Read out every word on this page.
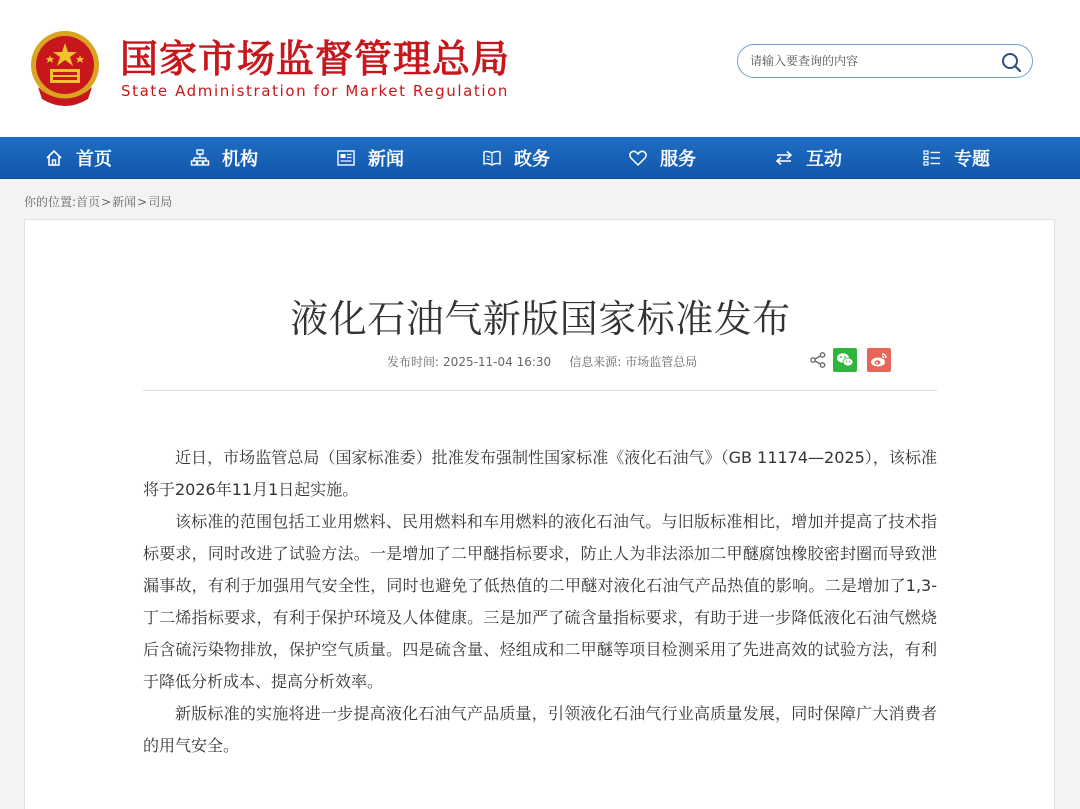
国家市场监督管理总局
State Administration for Market Regulation
请输入要查询的内容
首页	机构	新闻	政务	服务	互动	专题
你的位置:首页>新闻>司局
液化石油气新版国家标准发布
发布时间: 2025-11-04 16:30 信息来源: 市场监管总局

近日，市场监管总局（国家标准委）批准发布强制性国家标准《液化石油气》（GB 11174—2025），该标准将于2026年11月1日起实施。

该标准的范围包括工业用燃料、民用燃料和车用燃料的液化石油气。与旧版标准相比，增加并提高了技术指标要求，同时改进了试验方法。一是增加了二甲醚指标要求，防止人为非法添加二甲醚腐蚀橡胶密封圈而导致泄漏事故，有利于加强用气安全性，同时也避免了低热值的二甲醚对液化石油气产品热值的影响。二是增加了1,3-丁二烯指标要求，有利于保护环境及人体健康。三是加严了硫含量指标要求，有助于进一步降低液化石油气燃烧后含硫污染物排放，保护空气质量。四是硫含量、烃组成和二甲醚等项目检测采用了先进高效的试验方法，有利于降低分析成本、提高分析效率。

新版标准的实施将进一步提高液化石油气产品质量，引领液化石油气行业高质量发展，同时保障广大消费者的用气安全。
